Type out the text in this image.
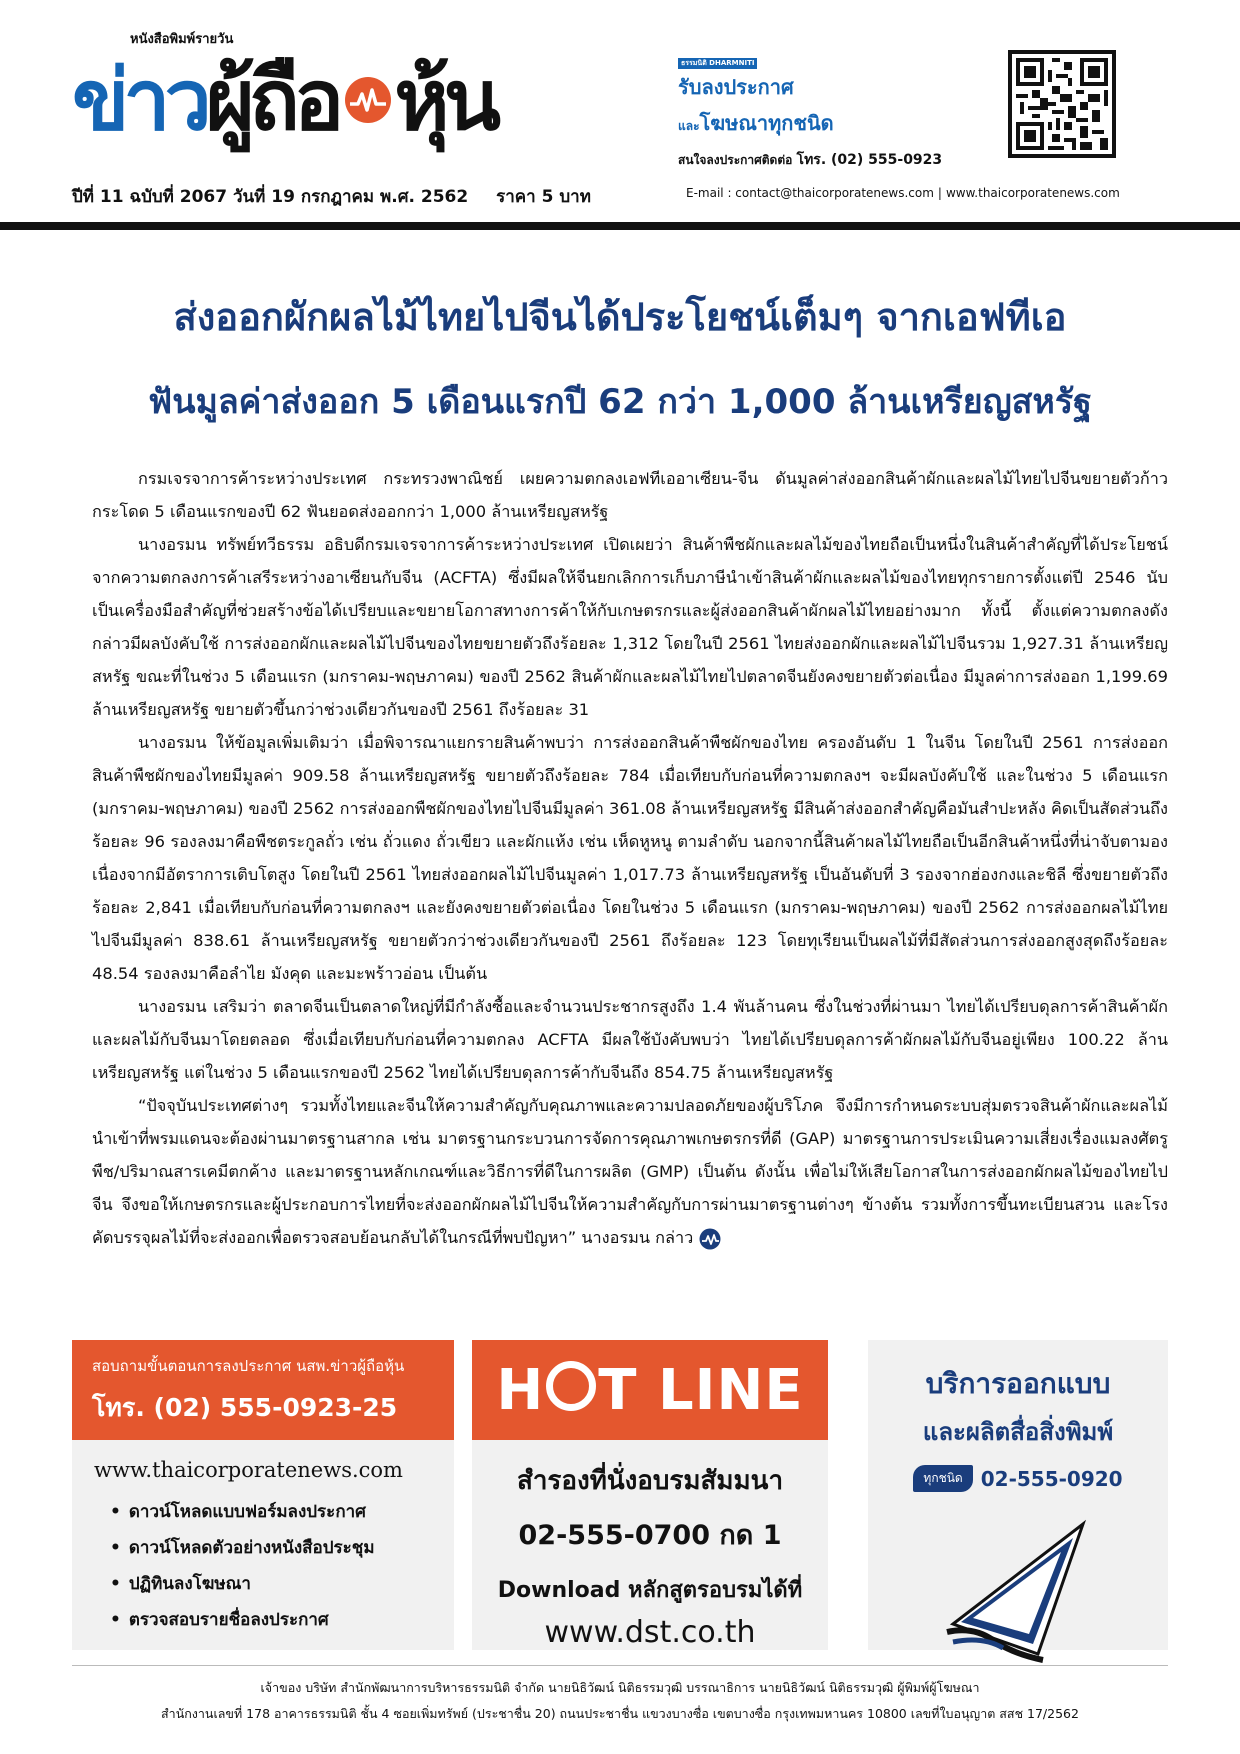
หนังสือพิมพ์รายวัน
ข่าว ผู้ถือ หุ้น
ปีที่ 11 ฉบับที่ 2067 วันที่ 19 กรกฎาคม พ.ศ. 2562 ราคา 5 บาท
ธรรมนิติ DHARMNITI
รับลงประกาศ
และโฆษณาทุกชนิด
สนใจลงประกาศติดต่อ โทร. (02) 555-0923
E-mail : contact@thaicorporatenews.com | www.thaicorporatenews.com
ส่งออกผักผลไม้ไทยไปจีนได้ประโยชน์เต็มๆ จากเอฟทีเอ
ฟันมูลค่าส่งออก 5 เดือนแรกปี 62 กว่า 1,000 ล้านเหรียญสหรัฐ

กรมเจรจาการค้าระหว่างประเทศ กระทรวงพาณิชย์ เผยความตกลงเอฟทีเออาเซียน-จีน ดันมูลค่าส่งออกสินค้าผักและผลไม้ไทยไปจีนขยายตัวก้าวกระโดด 5 เดือนแรกของปี 62 ฟันยอดส่งออกกว่า 1,000 ล้านเหรียญสหรัฐ

นางอรมน ทรัพย์ทวีธรรม อธิบดีกรมเจรจาการค้าระหว่างประเทศ เปิดเผยว่า สินค้าพืชผักและผลไม้ของไทยถือเป็นหนึ่งในสินค้าสำคัญที่ได้ประโยชน์จากความตกลงการค้าเสรีระหว่างอาเซียนกับจีน (ACFTA) ซึ่งมีผลให้จีนยกเลิกการเก็บภาษีนำเข้าสินค้าผักและผลไม้ของไทยทุกรายการตั้งแต่ปี 2546 นับเป็นเครื่องมือสำคัญที่ช่วยสร้างข้อได้เปรียบและขยายโอกาสทางการค้าให้กับเกษตรกรและผู้ส่งออกสินค้าผักผลไม้ไทยอย่างมาก ทั้งนี้ ตั้งแต่ความตกลงดังกล่าวมีผลบังคับใช้ การส่งออกผักและผลไม้ไปจีนของไทยขยายตัวถึงร้อยละ 1,312 โดยในปี 2561 ไทยส่งออกผักและผลไม้ไปจีนรวม 1,927.31 ล้านเหรียญสหรัฐ ขณะที่ในช่วง 5 เดือนแรก (มกราคม-พฤษภาคม) ของปี 2562 สินค้าผักและผลไม้ไทยไปตลาดจีนยังคงขยายตัวต่อเนื่อง มีมูลค่าการส่งออก 1,199.69 ล้านเหรียญสหรัฐ ขยายตัวขึ้นกว่าช่วงเดียวกันของปี 2561 ถึงร้อยละ 31

นางอรมน ให้ข้อมูลเพิ่มเติมว่า เมื่อพิจารณาแยกรายสินค้าพบว่า การส่งออกสินค้าพืชผักของไทย ครองอันดับ 1 ในจีน โดยในปี 2561 การส่งออกสินค้าพืชผักของไทยมีมูลค่า 909.58 ล้านเหรียญสหรัฐ ขยายตัวถึงร้อยละ 784 เมื่อเทียบกับก่อนที่ความตกลงฯ จะมีผลบังคับใช้ และในช่วง 5 เดือนแรก (มกราคม-พฤษภาคม) ของปี 2562 การส่งออกพืชผักของไทยไปจีนมีมูลค่า 361.08 ล้านเหรียญสหรัฐ มีสินค้าส่งออกสำคัญคือมันสำปะหลัง คิดเป็นสัดส่วนถึงร้อยละ 96 รองลงมาคือพืชตระกูลถั่ว เช่น ถั่วแดง ถั่วเขียว และผักแห้ง เช่น เห็ดหูหนู ตามลำดับ นอกจากนี้สินค้าผลไม้ไทยถือเป็นอีกสินค้าหนึ่งที่น่าจับตามอง เนื่องจากมีอัตราการเติบโตสูง โดยในปี 2561 ไทยส่งออกผลไม้ไปจีนมูลค่า 1,017.73 ล้านเหรียญสหรัฐ เป็นอันดับที่ 3 รองจากฮ่องกงและชิลี ซึ่งขยายตัวถึงร้อยละ 2,841 เมื่อเทียบกับก่อนที่ความตกลงฯ และยังคงขยายตัวต่อเนื่อง โดยในช่วง 5 เดือนแรก (มกราคม-พฤษภาคม) ของปี 2562 การส่งออกผลไม้ไทยไปจีนมีมูลค่า 838.61 ล้านเหรียญสหรัฐ ขยายตัวกว่าช่วงเดียวกันของปี 2561 ถึงร้อยละ 123 โดยทุเรียนเป็นผลไม้ที่มีสัดส่วนการส่งออกสูงสุดถึงร้อยละ 48.54 รองลงมาคือลำไย มังคุด และมะพร้าวอ่อน เป็นต้น

นางอรมน เสริมว่า ตลาดจีนเป็นตลาดใหญ่ที่มีกำลังซื้อและจำนวนประชากรสูงถึง 1.4 พันล้านคน ซึ่งในช่วงที่ผ่านมา ไทยได้เปรียบดุลการค้าสินค้าผักและผลไม้กับจีนมาโดยตลอด ซึ่งเมื่อเทียบกับก่อนที่ความตกลง ACFTA มีผลใช้บังคับพบว่า ไทยได้เปรียบดุลการค้าผักผลไม้กับจีนอยู่เพียง 100.22 ล้านเหรียญสหรัฐ แต่ในช่วง 5 เดือนแรกของปี 2562 ไทยได้เปรียบดุลการค้ากับจีนถึง 854.75 ล้านเหรียญสหรัฐ

“ปัจจุบันประเทศต่างๆ รวมทั้งไทยและจีนให้ความสำคัญกับคุณภาพและความปลอดภัยของผู้บริโภค จึงมีการกำหนดระบบสุ่มตรวจสินค้าผักและผลไม้นำเข้าที่พรมแดนจะต้องผ่านมาตรฐานสากล เช่น มาตรฐานกระบวนการจัดการคุณภาพเกษตรกรที่ดี (GAP) มาตรฐานการประเมินความเสี่ยงเรื่องแมลงศัตรูพืช/ปริมาณสารเคมีตกค้าง และมาตรฐานหลักเกณฑ์และวิธีการที่ดีในการผลิต (GMP) เป็นต้น ดังนั้น เพื่อไม่ให้เสียโอกาสในการส่งออกผักผลไม้ของไทยไปจีน จึงขอให้เกษตรกรและผู้ประกอบการไทยที่จะส่งออกผักผลไม้ไปจีนให้ความสำคัญกับการผ่านมาตรฐานต่างๆ ข้างต้น รวมทั้งการขึ้นทะเบียนสวน และโรงคัดบรรจุผลไม้ที่จะส่งออกเพื่อตรวจสอบย้อนกลับได้ในกรณีที่พบปัญหา” นางอรมน กล่าว

สอบถามขั้นตอนการลงประกาศ นสพ.ข่าวผู้ถือหุ้น
โทร. (02) 555-0923-25
www.thaicorporatenews.com
• ดาวน์โหลดแบบฟอร์มลงประกาศ
• ดาวน์โหลดตัวอย่างหนังสือประชุม
• ปฏิทินลงโฆษณา
• ตรวจสอบรายชื่อลงประกาศ
H T LINE
สำรองที่นั่งอบรมสัมมนา
02-555-0700 กด 1
Download หลักสูตรอบรมได้ที่
www.dst.co.th
บริการออกแบบ
และผลิตสื่อสิ่งพิมพ์
ทุกชนิด 02-555-0920
เจ้าของ บริษัท สำนักพัฒนาการบริหารธรรมนิติ จำกัด นายนิธิวัฒน์ นิติธรรมวุฒิ บรรณาธิการ นายนิธิวัฒน์ นิติธรรมวุฒิ ผู้พิมพ์ผู้โฆษณา
สำนักงานเลขที่ 178 อาคารธรรมนิติ ชั้น 4 ซอยเพิ่มทรัพย์ (ประชาชื่น 20) ถนนประชาชื่น แขวงบางซื่อ เขตบางซื่อ กรุงเทพมหานคร 10800 เลขที่ใบอนุญาต สสช 17/2562
